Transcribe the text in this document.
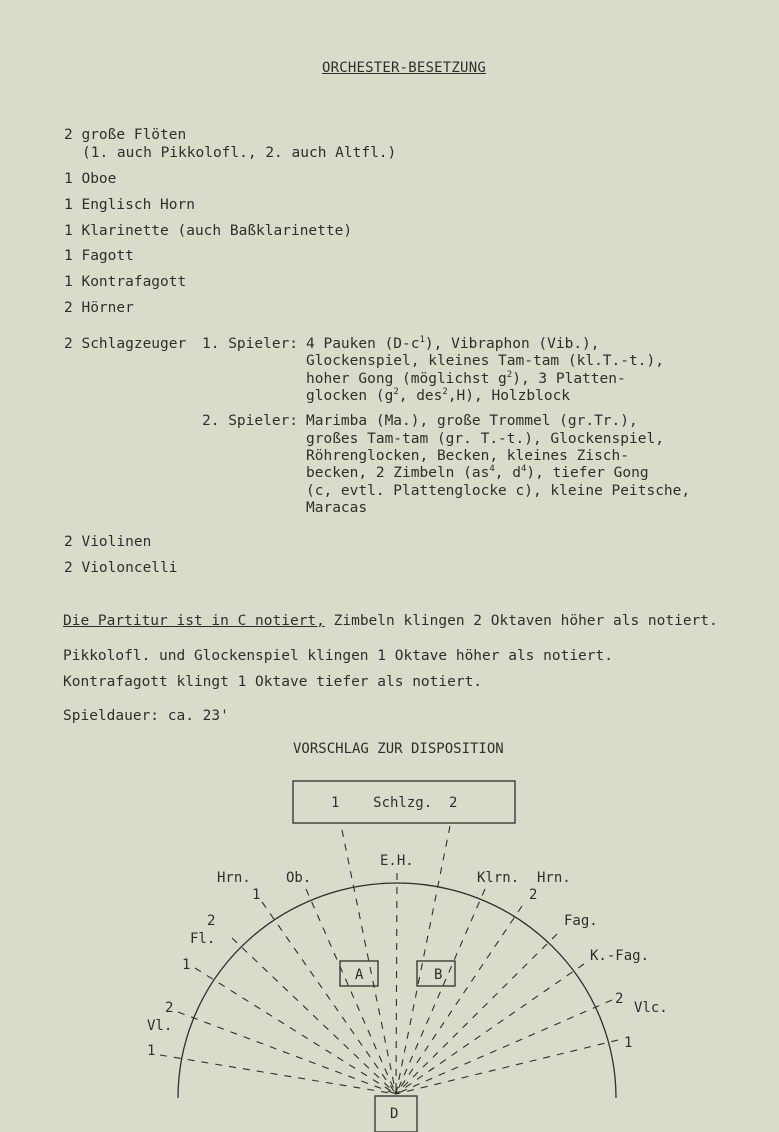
ORCHESTER-BESETZUNG
2 große Flöten
(1. auch Pikkolofl., 2. auch Altfl.)
1 Oboe
1 Englisch Horn
1 Klarinette (auch Baßklarinette)
1 Fagott
1 Kontrafagott
2 Hörner
2 Schlagzeuger 1. Spieler: 4 Pauken $(D-c^1)$, Vibraphon (Vib.),
Glockenspiel, kleines Tam-tam (kl.T.-t.),
hoher Gong (möglichst $g^2$), 3 Platten-
glocken ($g^2$, des$^2$,H), Holzblock
2. Spieler: Marimba (Ma.), große Trommel (gr.Tr.),
großes Tam-tam (gr. T.-t.), Glockenspiel,
Röhrenglocken, Becken, kleines Zisch-
becken, 2 Zimbeln ($as^4$, $d^4$), tiefer Gong
(c, evtl. Plattenglocke c), kleine Peitsche,
Maracas
2 Violinen
2 Violoncelli
Die Partitur ist in C notiert, Zimbeln klingen 2 Oktaven höher als notiert.
Pikkolofl. und Glockenspiel klingen 1 Oktave höher als notiert.
Kontrafagott klingt 1 Oktave tiefer als notiert.
Spieldauer: ca. 23'
VORSCHLAG ZUR DISPOSITION
1    Schlzg.  2
Hrn.
1
Ob.
E.H.
Klrn. Hrn.
2
2
Fl.
1
Fag.
K.-Fag.
2
Vl.
1
2
Vlc.
1
A	B
D
